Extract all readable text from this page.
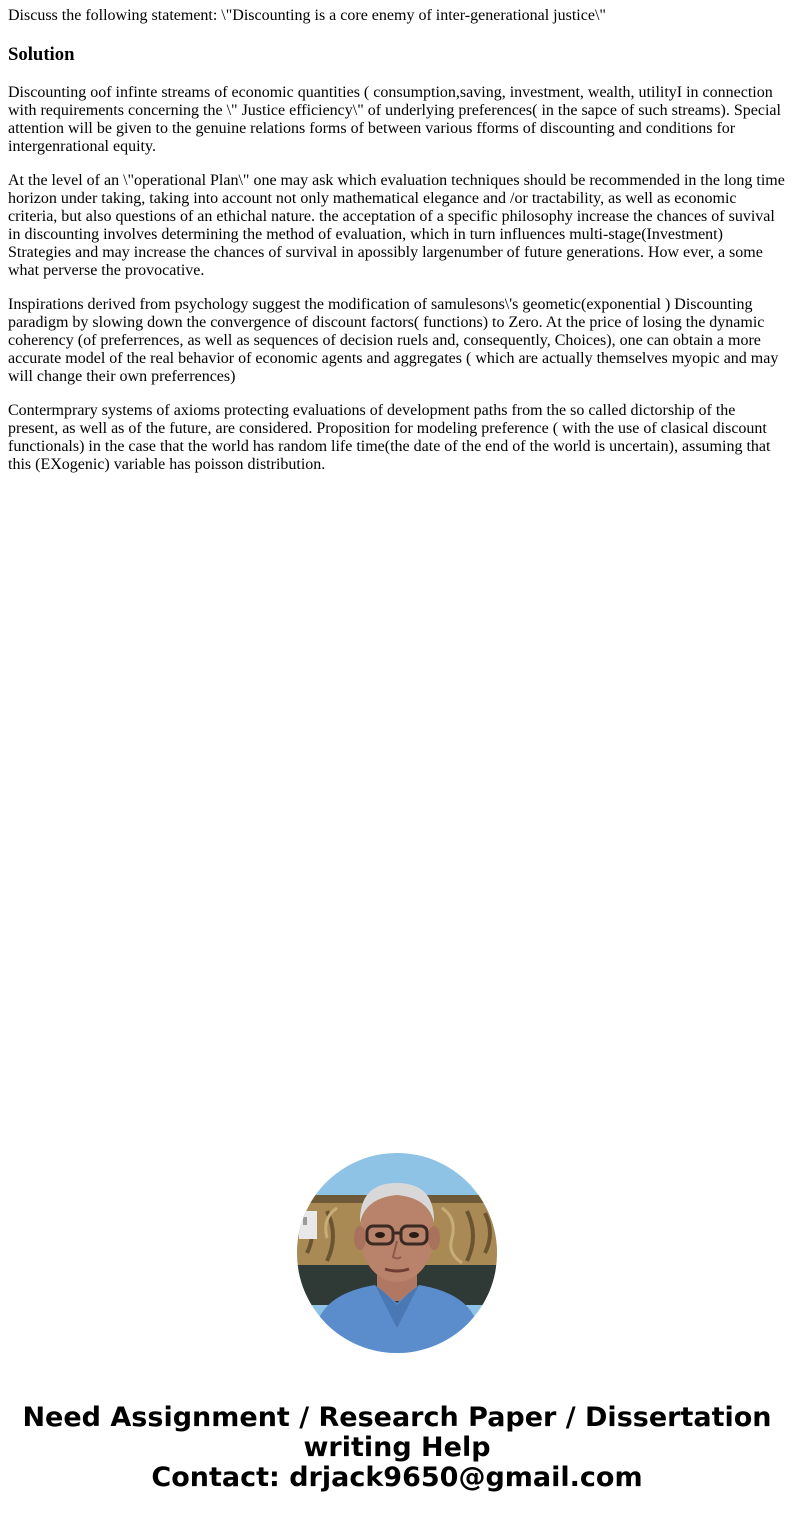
Discuss the following statement: \"Discounting is a core enemy of inter-generational justice\"

Solution

Discounting oof infinte streams of economic quantities ( consumption,saving, investment, wealth, utilityI in connection with requirements concerning the \" Justice efficiency\" of underlying preferences( in the sapce of such streams). Special attention will be given to the genuine relations forms of between various fforms of discounting and conditions for intergenrational equity.

At the level of an \"operational Plan\" one may ask which evaluation techniques should be recommended in the long time horizon under taking, taking into account not only mathematical elegance and /or tractability, as well as economic criteria, but also questions of an ethichal nature. the acceptation of a specific philosophy increase the chances of suvival in discounting involves determining the method of evaluation, which in turn influences multi-stage(Investment) Strategies and may increase the chances of survival in apossibly largenumber of future generations. How ever, a some what perverse the provocative.

Inspirations derived from psychology suggest the modification of samulesons\'s geometic(exponential ) Discounting paradigm by slowing down the convergence of discount factors( functions) to Zero. At the price of losing the dynamic coherency (of preferrences, as well as sequences of decision ruels and, consequently, Choices), one can obtain a more accurate model of the real behavior of economic agents and aggregates ( which are actually themselves myopic and may will change their own preferrences)

Contermprary systems of axioms protecting evaluations of development paths from the so called dictorship of the present, as well as of the future, are considered. Proposition for modeling preference ( with the use of clasical discount functionals) in the case that the world has random life time(the date of the end of the world is uncertain), assuming that this (EXogenic) variable has poisson distribution.

Need Assignment / Research Paper / Dissertation
writing Help
Contact: drjack9650@gmail.com
